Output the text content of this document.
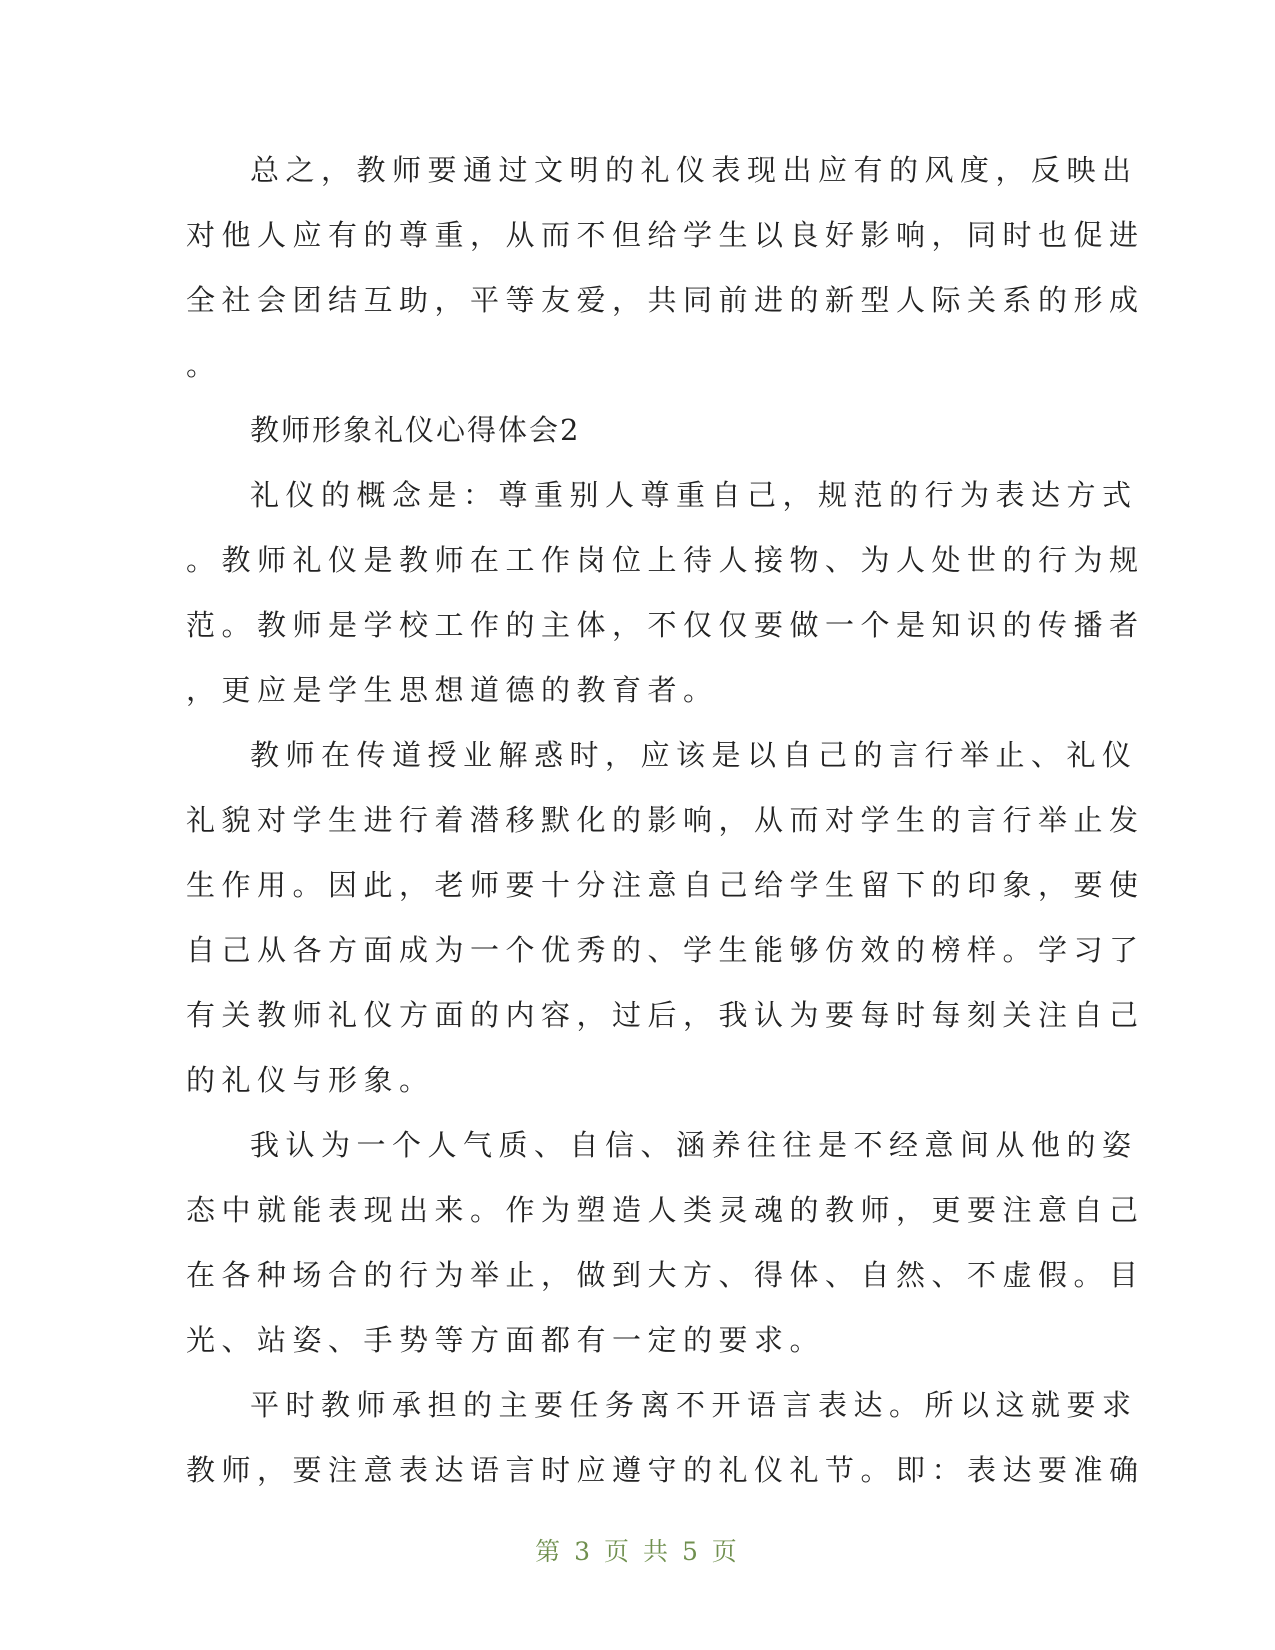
总之，教师要通过文明的礼仪表现出应有的风度，反映出
对他人应有的尊重，从而不但给学生以良好影响，同时也促进
全社会团结互助，平等友爱，共同前进的新型人际关系的形成
。
教师形象礼仪心得体会2
礼仪的概念是：尊重别人尊重自己，规范的行为表达方式
。教师礼仪是教师在工作岗位上待人接物、为人处世的行为规
范。教师是学校工作的主体，不仅仅要做一个是知识的传播者
，更应是学生思想道德的教育者。
教师在传道授业解惑时，应该是以自己的言行举止、礼仪
礼貌对学生进行着潜移默化的影响，从而对学生的言行举止发
生作用。因此，老师要十分注意自己给学生留下的印象，要使
自己从各方面成为一个优秀的、学生能够仿效的榜样。学习了
有关教师礼仪方面的内容，过后，我认为要每时每刻关注自己
的礼仪与形象。
我认为一个人气质、自信、涵养往往是不经意间从他的姿
态中就能表现出来。作为塑造人类灵魂的教师，更要注意自己
在各种场合的行为举止，做到大方、得体、自然、不虚假。目
光、站姿、手势等方面都有一定的要求。
平时教师承担的主要任务离不开语言表达。所以这就要求
教师，要注意表达语言时应遵守的礼仪礼节。即：表达要准确
第 3 页 共 5 页
